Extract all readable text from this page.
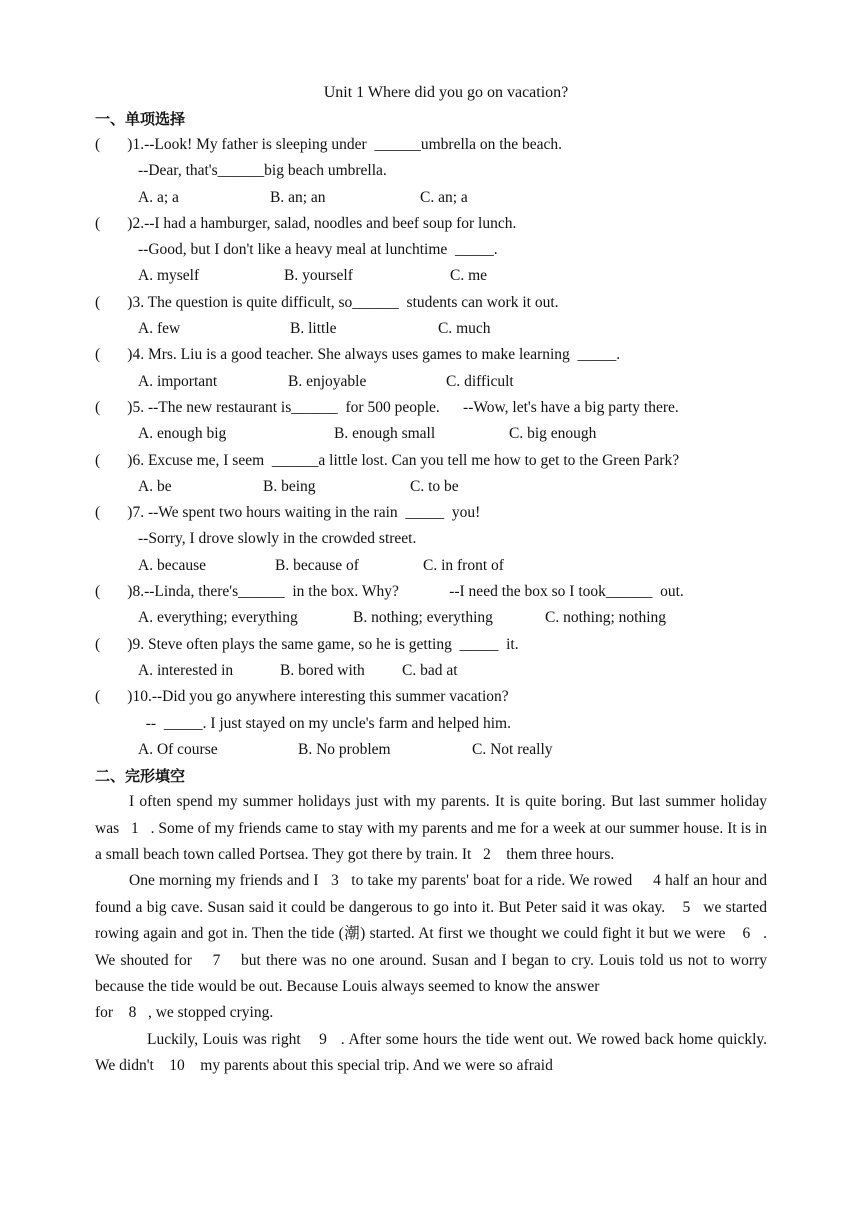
Unit 1 Where did you go on vacation?
一、单项选择
(       )1.--Look! My father is sleeping under  ______umbrella on the beach.
--Dear, that's______big beach umbrella.
A. a; a	B. an; an	C. an; a
(       )2.--I had a hamburger, salad, noodles and beef soup for lunch.
--Good, but I don't like a heavy meal at lunchtime  _____.
A. myself	B. yourself	C. me
(       )3. The question is quite difficult, so______  students can work it out.
A. few	B. little	C. much
(       )4. Mrs. Liu is a good teacher. She always uses games to make learning  _____.
A. important	B. enjoyable	C. difficult
(       )5. --The new restaurant is______  for 500 people.      --Wow, let's have a big party there.
A. enough big	B. enough small	C. big enough
(       )6. Excuse me, I seem  ______a little lost. Can you tell me how to get to the Green Park?
A. be	B. being	C. to be
(       )7. --We spent two hours waiting in the rain  _____  you!
--Sorry, I drove slowly in the crowded street.
A. because	B. because of	C. in front of
(       )8.--Linda, there's______  in the box. Why?             --I need the box so I took______  out.
A. everything; everything	B. nothing; everything	C. nothing; nothing
(       )9. Steve often plays the same game, so he is getting  _____  it.
A. interested in	B. bored with C. bad at
(       )10.--Did you go anywhere interesting this summer vacation?
--  _____. I just stayed on my uncle's farm and helped him.
A. Of course	B. No problem	C. Not really
二、完形填空

I often spend my summer holidays just with my parents. It is quite boring. But last summer holiday was   1   . Some of my friends came to stay with my parents and me for a week at our summer house. It is in a small beach town called Portsea. They got there by train. It   2    them three hours.

One morning my friends and I   3   to take my parents' boat for a ride. We rowed     4 half an hour and found a big cave. Susan said it could be dangerous to go into it. But Peter said it was okay.    5   we started rowing again and got in. Then the tide (潮) started. At first we thought we could fight it but we were    6   . We shouted for    7    but there was no one around. Susan and I began to cry. Louis told us not to worry because the tide would be out. Because Louis always seemed to know the answer

for    8   , we stopped crying.

Luckily, Louis was right    9   . After some hours the tide went out. We rowed back home quickly. We didn't    10    my parents about this special trip. And we were so afraid
